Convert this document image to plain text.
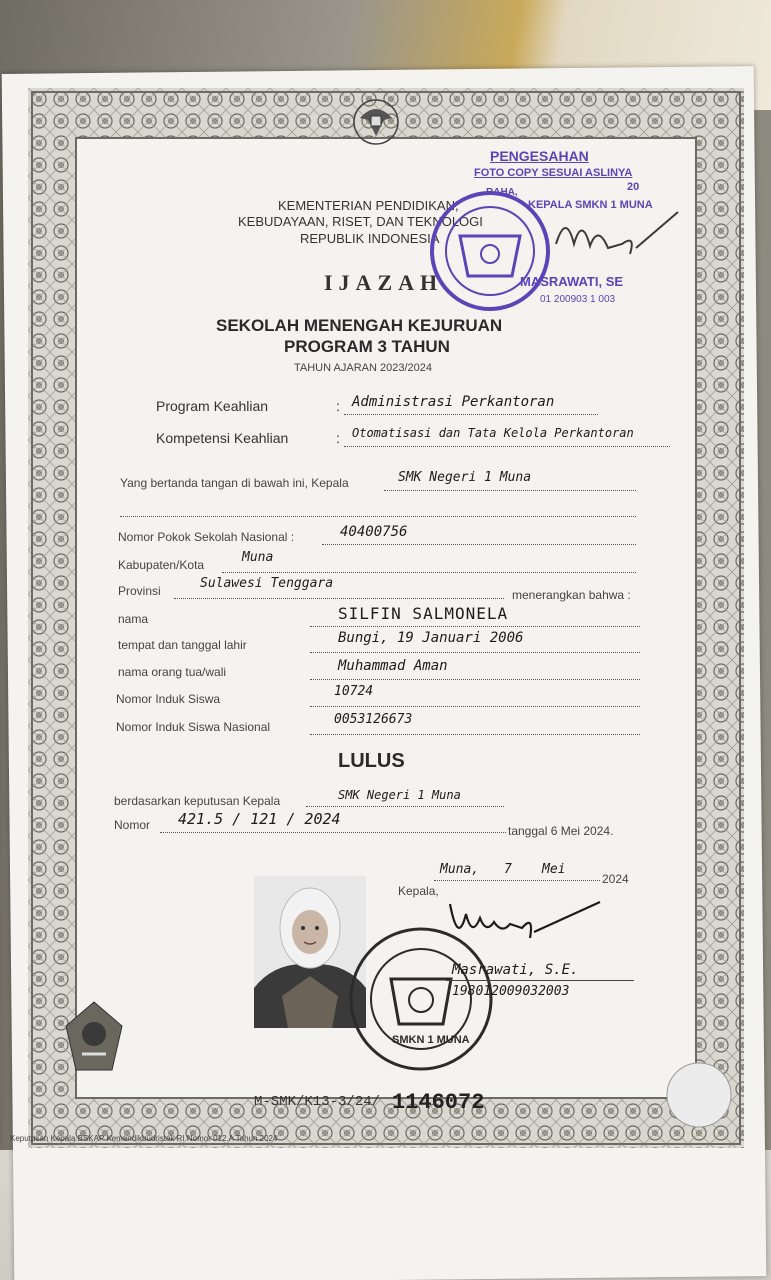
KEMENTERIAN PENDIDIKAN,
KEBUDAYAAN, RISET, DAN TEKNOLOGI
REPUBLIK INDONESIA
IJAZAH
SEKOLAH MENENGAH KEJURUAN
PROGRAM 3 TAHUN
TAHUN AJARAN 2023/2024
PENGESAHAN
FOTO COPY SESUAI ASLINYA
20
RAHA,
KEPALA SMKN 1 MUNA
MASRAWATI, SE
01 200903 1 003
Program Keahlian	: Administrasi Perkantoran
Kompetensi Keahlian	: Otomatisasi dan Tata Kelola Perkantoran
Yang bertanda tangan di bawah ini, Kepala	SMK Negeri 1 Muna
Nomor Pokok Sekolah Nasional :	40400756
Kabupaten/Kota	Muna
Provinsi	Sulawesi Tenggara
menerangkan bahwa :
nama	SILFIN SALMONELA
tempat dan tanggal lahir	Bungi, 19 Januari 2006
nama orang tua/wali	Muhammad Aman
Nomor Induk Siswa	10724
Nomor Induk Siswa Nasional	0053126673
LULUS
berdasarkan keputusan Kepala	SMK Negeri 1 Muna
Nomor 421.5 / 121 / 2024
tanggal 6 Mei 2024.
Muna, 7 Mei
2024
Kepala,
SMKN 1 MUNA
Masrawati, S.E.
198012009032003
M-SMK/K13-3/24/ 1146072
Keputusan Kepala BSKAP Kemendikbudristek RI Nomor 012.A Tahun 2024
